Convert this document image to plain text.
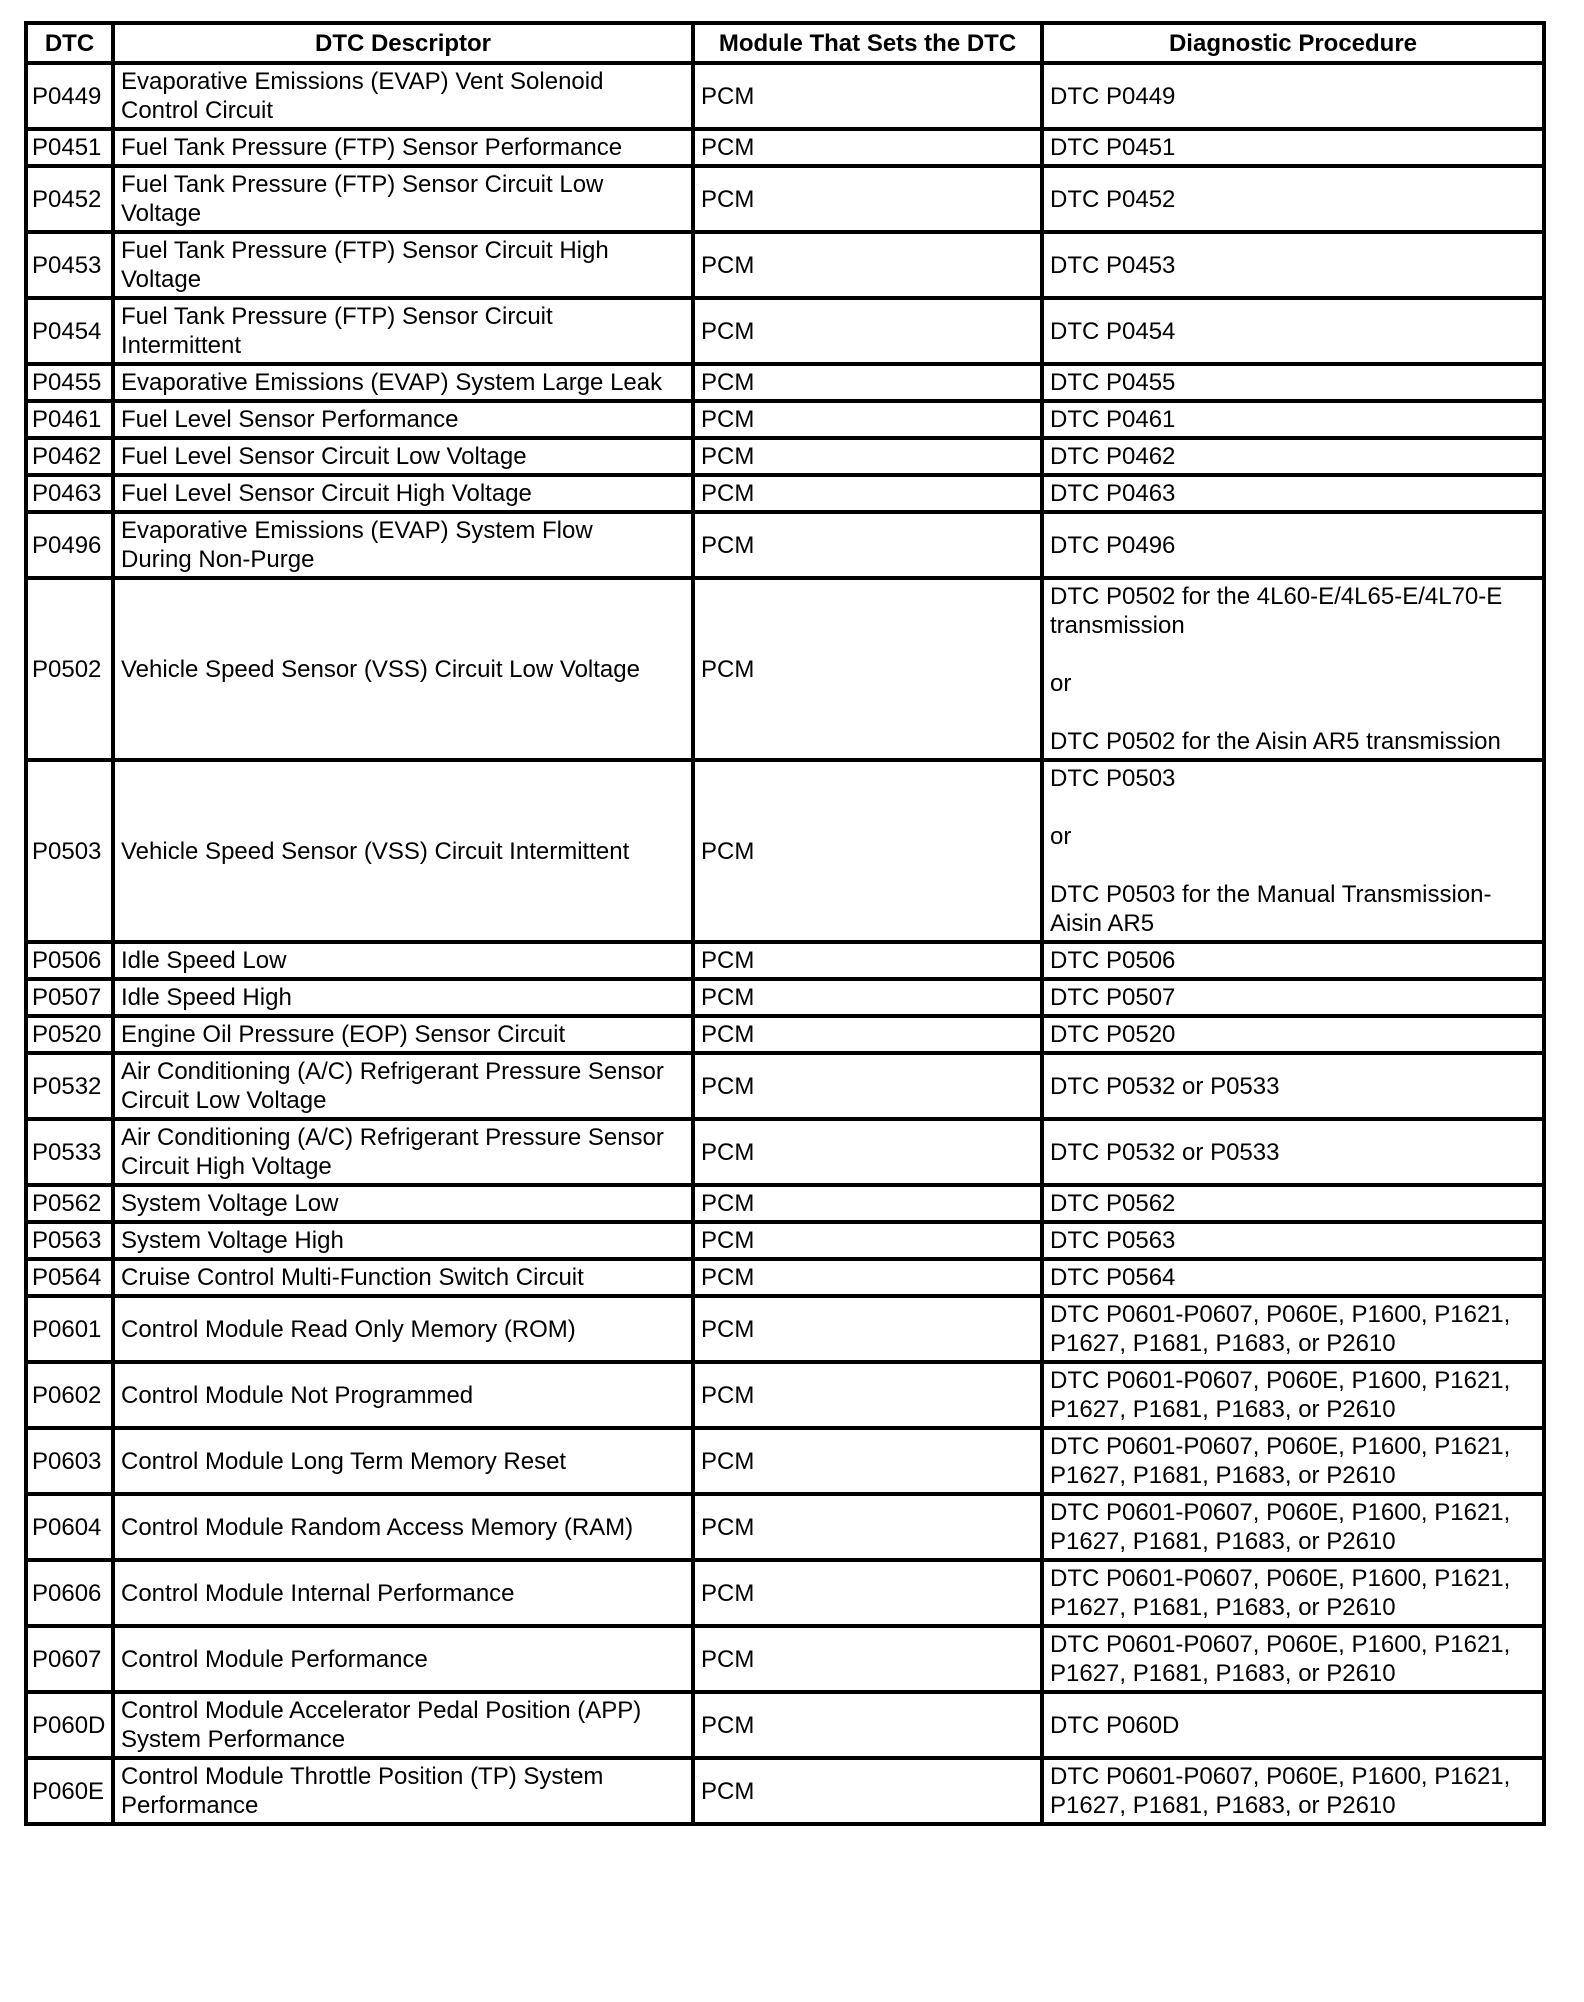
DTC	DTC Descriptor	Module That Sets the DTC	Diagnostic Procedure
P0449	Evaporative Emissions (EVAP) Vent Solenoid
Control Circuit	PCM	DTC P0449
P0451	Fuel Tank Pressure (FTP) Sensor Performance	PCM	DTC P0451
P0452	Fuel Tank Pressure (FTP) Sensor Circuit Low
Voltage	PCM	DTC P0452
P0453	Fuel Tank Pressure (FTP) Sensor Circuit High
Voltage	PCM	DTC P0453
P0454	Fuel Tank Pressure (FTP) Sensor Circuit
Intermittent	PCM	DTC P0454
P0455	Evaporative Emissions (EVAP) System Large Leak	PCM	DTC P0455
P0461	Fuel Level Sensor Performance	PCM	DTC P0461
P0462	Fuel Level Sensor Circuit Low Voltage	PCM	DTC P0462
P0463	Fuel Level Sensor Circuit High Voltage	PCM	DTC P0463
P0496	Evaporative Emissions (EVAP) System Flow
During Non-Purge	PCM	DTC P0496
P0502	Vehicle Speed Sensor (VSS) Circuit Low Voltage	PCM	DTC P0502 for the 4L60-E/4L65-E/4L70-E
transmission

or

DTC P0502 for the Aisin AR5 transmission
P0503	Vehicle Speed Sensor (VSS) Circuit Intermittent	PCM	DTC P0503

or

DTC P0503 for the Manual Transmission-
Aisin AR5
P0506	Idle Speed Low	PCM	DTC P0506
P0507	Idle Speed High	PCM	DTC P0507
P0520	Engine Oil Pressure (EOP) Sensor Circuit	PCM	DTC P0520
P0532	Air Conditioning (A/C) Refrigerant Pressure Sensor
Circuit Low Voltage	PCM	DTC P0532 or P0533
P0533	Air Conditioning (A/C) Refrigerant Pressure Sensor
Circuit High Voltage	PCM	DTC P0532 or P0533
P0562	System Voltage Low	PCM	DTC P0562
P0563	System Voltage High	PCM	DTC P0563
P0564	Cruise Control Multi-Function Switch Circuit	PCM	DTC P0564
P0601	Control Module Read Only Memory (ROM)	PCM	DTC P0601-P0607, P060E, P1600, P1621,
P1627, P1681, P1683, or P2610
P0602	Control Module Not Programmed	PCM	DTC P0601-P0607, P060E, P1600, P1621,
P1627, P1681, P1683, or P2610
P0603	Control Module Long Term Memory Reset	PCM	DTC P0601-P0607, P060E, P1600, P1621,
P1627, P1681, P1683, or P2610
P0604	Control Module Random Access Memory (RAM)	PCM	DTC P0601-P0607, P060E, P1600, P1621,
P1627, P1681, P1683, or P2610
P0606	Control Module Internal Performance	PCM	DTC P0601-P0607, P060E, P1600, P1621,
P1627, P1681, P1683, or P2610
P0607	Control Module Performance	PCM	DTC P0601-P0607, P060E, P1600, P1621,
P1627, P1681, P1683, or P2610
P060D	Control Module Accelerator Pedal Position (APP)
System Performance	PCM	DTC P060D
P060E	Control Module Throttle Position (TP) System
Performance	PCM	DTC P0601-P0607, P060E, P1600, P1621,
P1627, P1681, P1683, or P2610
